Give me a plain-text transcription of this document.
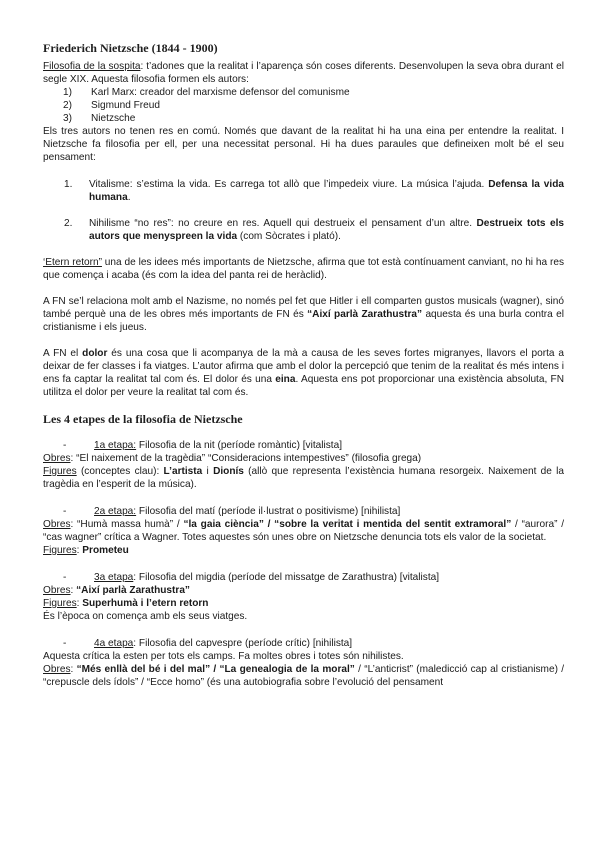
Friederich Nietzsche (1844 - 1900)

Filosofia de la sospita: t’adones que la realitat i l’aparença són coses diferents. Desenvolupen la seva obra durant el segle XIX. Aquesta filosofia formen els autors:

1) Karl Marx: creador del marxisme defensor del comunisme
2) Sigmund Freud
3) Nietzsche

Els tres autors no tenen res en comú. Només que davant de la realitat hi ha una eina per entendre la realitat. I Nietzsche fa filosofia per ell, per una necessitat personal. Hi ha dues paraules que defineixen molt bé el seu pensament:

1. Vitalisme: s’estima la vida. Es carrega tot allò que l’impedeix viure. La música l’ajuda. Defensa la vida humana.
2. Nihilisme “no res”: no creure en res. Aquell qui destrueix el pensament d’un altre. Destrueix tots els autors que menyspreen la vida (com Sòcrates i plató).

‘Etern retorn” una de les idees més importants de Nietzsche, afirma que tot està contínuament canviant, no hi ha res que comença i acaba (és com la idea del panta rei de heràclid).

A FN se’l relaciona molt amb el Nazisme, no només pel fet que Hitler i ell comparten gustos musicals (wagner), sinó també perquè una de les obres més importants de FN és “Així parlà Zarathustra” aquesta és una burla contra el cristianisme i els jueus.

A FN el dolor és una cosa que li acompanya de la mà a causa de les seves fortes migranyes, llavors el porta a deixar de fer classes i fa viatges. L’autor afirma que amb el dolor la percepció que tenim de la realitat és més intens i ens fa captar la realitat tal com és. El dolor és una eina. Aquesta ens pot proporcionar una existència absoluta, FN utilitza el dolor per veure la realitat tal com és.

Les 4 etapes de la filosofia de Nietzsche

-	1a etapa: Filosofia de la nit (període romàntic) [vitalista]

Obres: “El naixement de la tragèdia” “Consideracions intempestives” (filosofia grega)

Figures (conceptes clau): L’artista i Dionís (allò que representa l’existència humana resorgeix. Naixement de la tragèdia en l’esperit de la música).

-	2a etapa: Filosofia del matí (període il·lustrat o positivisme) [nihilista]

Obres: “Humà massa humà” / “la gaia ciència” / “sobre la veritat i mentida del sentit extramoral” / “aurora” / “cas wagner” crítica a Wagner. Totes aquestes són unes obre on Nietzsche denuncia tots els valor de la societat.

Figures: Prometeu

-	3a etapa: Filosofia del migdia (període del missatge de Zarathustra) [vitalista]

Obres: “Així parlà Zarathustra”

Figures: Superhumà i l’etern retorn

És l’època on comença amb els seus viatges.

-	4a etapa: Filosofia del capvespre (període crític) [nihilista]

Aquesta crítica la esten per tots els camps. Fa moltes obres i totes són nihilistes.

Obres: “Més enllà del bé i del mal” / “La genealogia de la moral” / “L’anticrist” (maledicció cap al cristianisme) / “crepuscle dels ídols” / “Ecce homo” (és una autobiografia sobre l’evolució del pensament
